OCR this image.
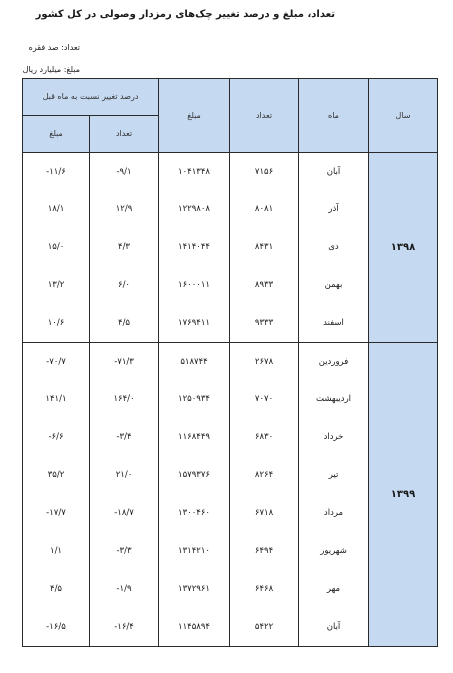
تعداد، مبلغ و درصد تغییر چک‌های رمزدار وصولی در کل کشور
تعداد: صد فقره
مبلغ: میلیارد ریال
درصد تغییر نسبت به ماه قبل		مبلغ	تعداد	ماه	سال
مبلغ	تعداد				
-۱۱/۶	-۹/۱	۱۰۴۱۳۴۸	۷۱۵۶	آبان	۱۳۹۸
۱۸/۱	۱۲/۹	۱۲۲۹۸۰۸	۸۰۸۱	آذر	
۱۵/۰	۴/۳	۱۴۱۴۰۴۴	۸۴۳۱	دی	
۱۳/۲	۶/۰	۱۶۰۰۰۱۱	۸۹۳۳	بهمن	
۱۰/۶	۴/۵	۱۷۶۹۴۱۱	۹۳۳۳	اسفند	
-۷۰/۷	-۷۱/۳	۵۱۸۷۴۴	۲۶۷۸	فروردین	۱۳۹۹
۱۴۱/۱	۱۶۴/۰	۱۲۵۰۹۳۴	۷۰۷۰	اردیبهشت	
-۶/۶	-۳/۴	۱۱۶۸۴۴۹	۶۸۳۰	خرداد	
۳۵/۲	۲۱/۰	۱۵۷۹۳۷۶	۸۲۶۴	تیر	
-۱۷/۷	-۱۸/۷	۱۳۰۰۴۶۰	۶۷۱۸	مرداد	
۱/۱	-۳/۳	۱۳۱۴۲۱۰	۶۴۹۴	شهریور	
۴/۵	-۱/۹	۱۳۷۲۹۶۱	۶۴۶۸	مهر	
-۱۶/۵	-۱۶/۴	۱۱۴۵۸۹۴	۵۴۲۲	آبان	
